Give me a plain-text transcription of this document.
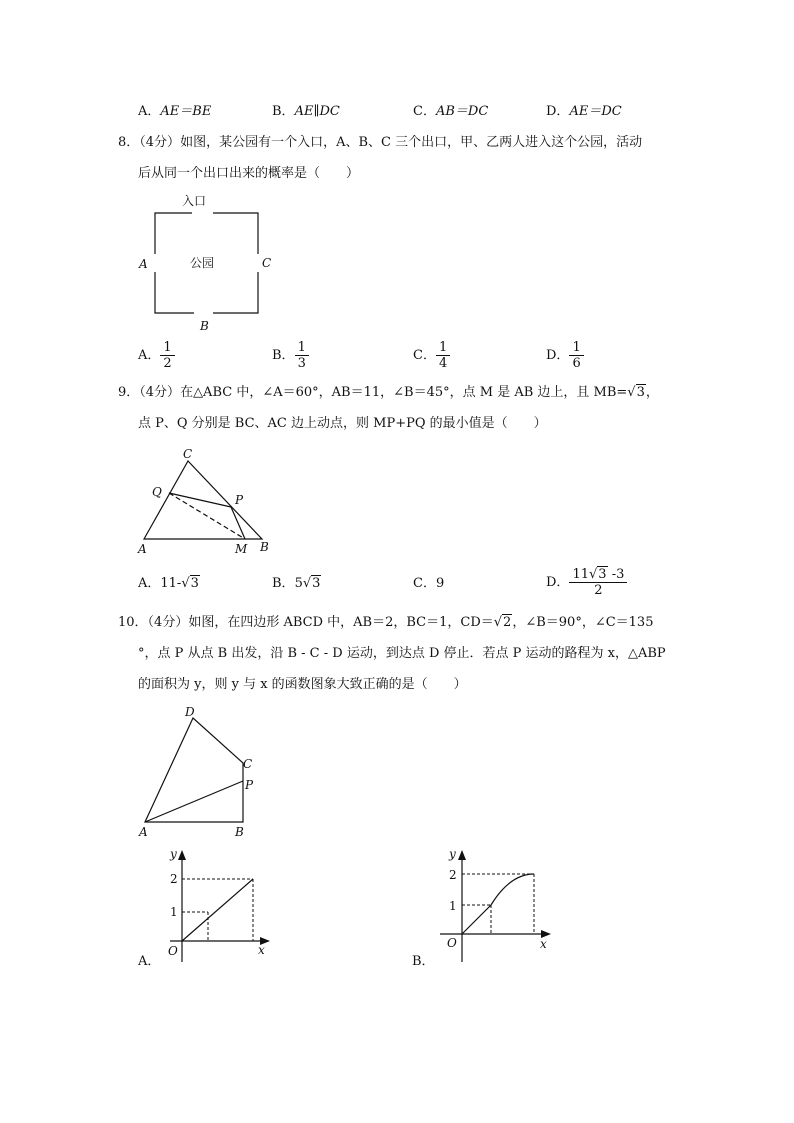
A．AE＝BE	B．AE∥DC	C．AB＝DC	D．AE＝DC
8．（4分）如图，某公园有一个入口，A、B、C 三个出口，甲、乙两人进入这个公园，活动
后从同一个出口出来的概率是（　　）
入口
公园
A	C
B
A． $\frac{1}{2}$	B． $\frac{1}{3}$	C． $\frac{1}{4}$	D． $\frac{1}{6}$
9．（4分）在△ABC 中，∠A＝60°，AB＝11，∠B＝45°，点 M 是 AB 边上，且 MB=√3，
点 P、Q 分别是 BC、AC 边上动点，则 MP+PQ 的最小值是（　　）
C
Q
P
A	M B
A．11-√3	B．5√3	C．9	D． $\frac{11√3 -3}{2}$
10．（4分）如图，在四边形 ABCD 中，AB＝2，BC＝1，CD＝√2，∠B＝90°，∠C＝135
°，点 P 从点 B 出发，沿 B - C - D 运动，到达点 D 停止．若点 P 运动的路程为 x，△ABP
的面积为 y，则 y 与 x 的函数图象大致正确的是（　　）
D
C
P
A	B
y
x
O
2
1
A．
y
x
O
2
1
B．
